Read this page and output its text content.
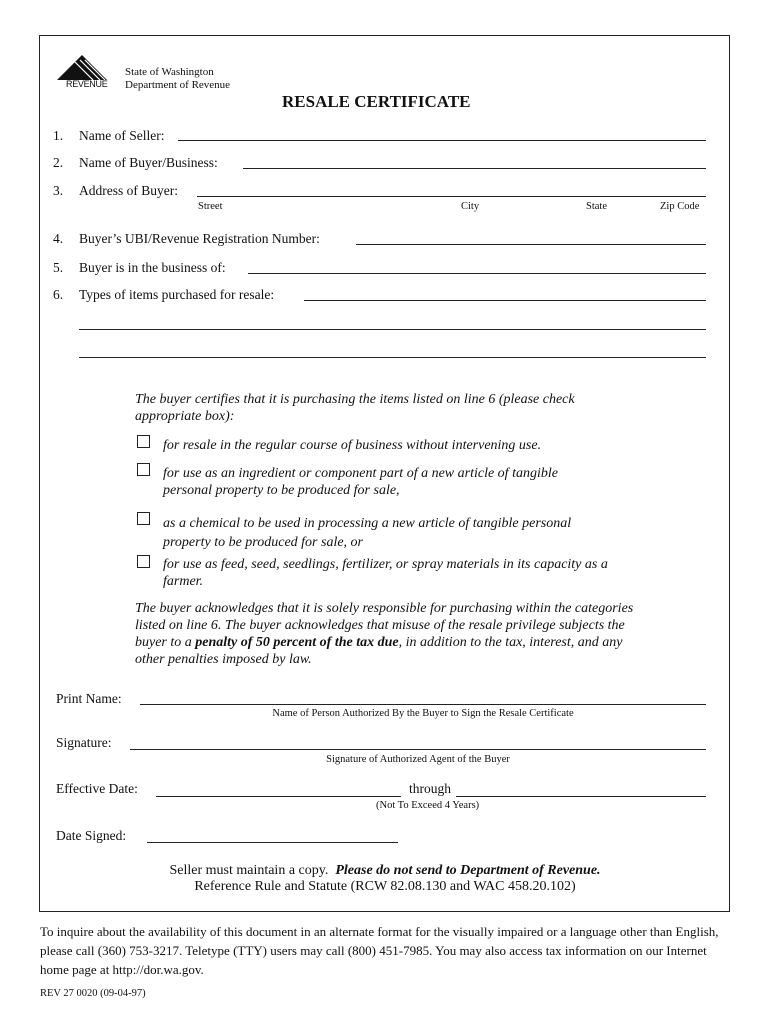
REVENUE
State of Washington
Department of Revenue
RESALE CERTIFICATE
1. Name of Seller:
2. Name of Buyer/Business:
3. Address of Buyer:
Street	City	State	Zip Code
4. Buyer’s UBI/Revenue Registration Number:
5. Buyer is in the business of:
6. Types of items purchased for resale:
The buyer certifies that it is purchasing the items listed on line 6 (please check appropriate box):
for resale in the regular course of business without intervening use.
for use as an ingredient or component part of a new article of tangible personal property to be produced for sale,
as a chemical to be used in processing a new article of tangible personal property to be produced for sale, or
for use as feed, seed, seedlings, fertilizer, or spray materials in its capacity as a farmer.
The buyer acknowledges that it is solely responsible for purchasing within the categories listed on line 6. The buyer acknowledges that misuse of the resale privilege subjects the buyer to a penalty of 50 percent of the tax due, in addition to the tax, interest, and any other penalties imposed by law.
Print Name:
Name of Person Authorized By the Buyer to Sign the Resale Certificate
Signature:
Signature of Authorized Agent of the Buyer
Effective Date:	through
(Not To Exceed 4 Years)
Date Signed:
Seller must maintain a copy.  Please do not send to Department of Revenue.
Reference Rule and Statute (RCW 82.08.130 and WAC 458.20.102)
To inquire about the availability of this document in an alternate format for the visually impaired or a language other than English, please call (360) 753-3217. Teletype (TTY) users may call (800) 451-7985. You may also access tax information on our Internet home page at http://dor.wa.gov.
REV 27 0020 (09-04-97)
